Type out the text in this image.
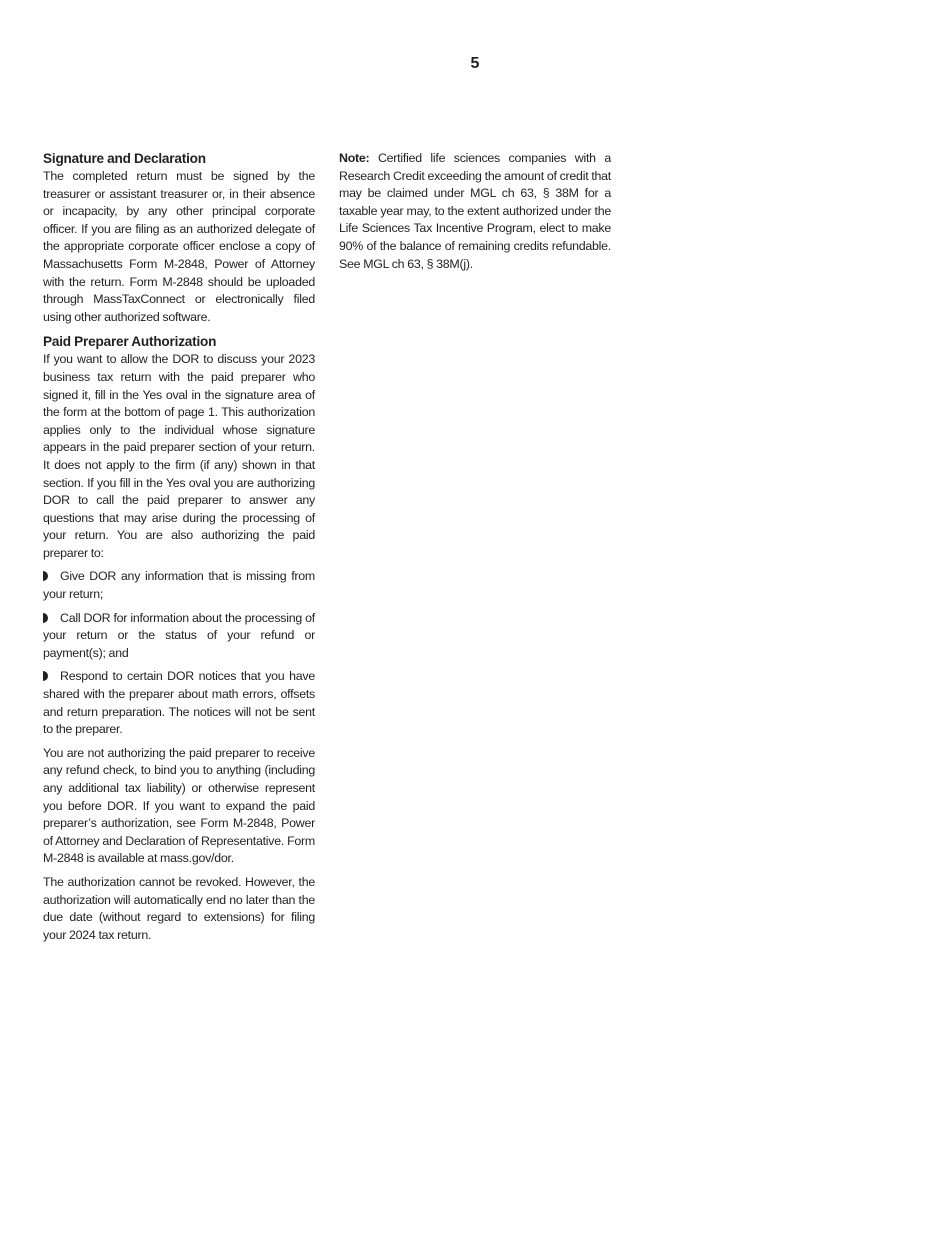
5
Signature and Declaration

The completed return must be signed by the treasurer or assistant treasurer or, in their absence or incapacity, by any other principal corporate officer. If you are filing as an authorized delegate of the appropriate corporate officer enclose a copy of Massachusetts Form M-2848, Power of Attorney with the return. Form M-2848 should be uploaded through MassTaxConnect or electronically filed using other authorized software.

Paid Preparer Authorization

If you want to allow the DOR to discuss your 2023 business tax return with the paid preparer who signed it, fill in the Yes oval in the signature area of the form at the bottom of page 1. This authorization applies only to the individual whose signature appears in the paid preparer section of your return. It does not apply to the firm (if any) shown in that section. If you fill in the Yes oval you are authorizing DOR to call the paid preparer to answer any questions that may arise during the processing of your return. You are also authorizing the paid preparer to:

Give DOR any information that is missing from your return;
Call DOR for information about the processing of your return or the status of your refund or payment(s); and
Respond to certain DOR notices that you have shared with the preparer about math errors, offsets and return preparation. The notices will not be sent to the preparer.

You are not authorizing the paid preparer to receive any refund check, to bind you to anything (including any additional tax liability) or otherwise represent you before DOR. If you want to expand the paid preparer’s authorization, see Form M-2848, Power of Attorney and Declaration of Representative. Form M-2848 is available at mass.gov/dor.

The authorization cannot be revoked. However, the authorization will automatically end no later than the due date (without regard to extensions) for filing your 2024 tax return.

Note: Certified life sciences companies with a Research Credit exceeding the amount of credit that may be claimed under MGL ch 63, § 38M for a taxable year may, to the extent authorized under the Life Sciences Tax Incentive Program, elect to make 90% of the balance of remaining credits refundable. See MGL ch 63, § 38M(j).
